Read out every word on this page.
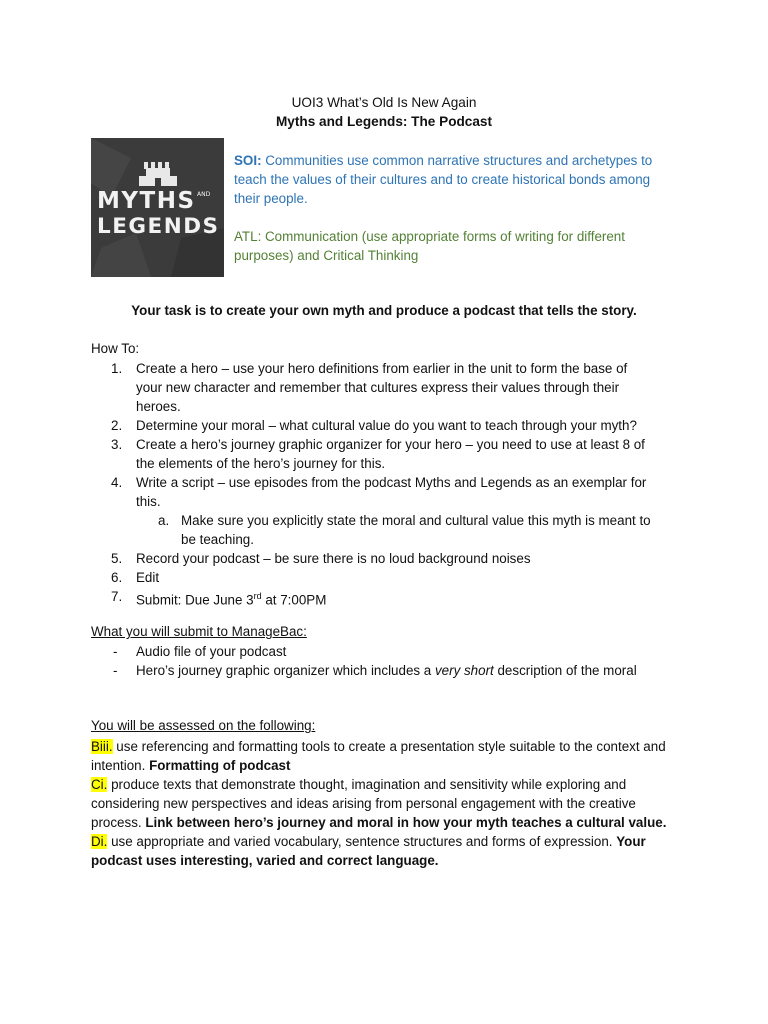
UOI3 What’s Old Is New Again
Myths and Legends: The Podcast
MYTHS AND
LEGENDS
SOI: Communities use common narrative structures and archetypes to teach the values of their cultures and to create historical bonds among their people.
ATL: Communication (use appropriate forms of writing for different purposes) and Critical Thinking
Your task is to create your own myth and produce a podcast that tells the story.
How To:
1.	Create a hero – use your hero definitions from earlier in the unit to form the base of
your new character and remember that cultures express their values through their
heroes.
2.	Determine your moral – what cultural value do you want to teach through your myth?
3.	Create a hero’s journey graphic organizer for your hero – you need to use at least 8 of
the elements of the hero’s journey for this.
4.	Write a script – use episodes from the podcast Myths and Legends as an exemplar for
this.
a. Make sure you explicitly state the moral and cultural value this myth is meant to
be teaching.
5.	Record your podcast – be sure there is no loud background noises
6.	Edit
7.	Submit: Due June 3rd at 7:00PM
What you will submit to ManageBac:
- Audio file of your podcast
- Hero’s journey graphic organizer which includes a very short description of the moral
You will be assessed on the following:
Biii. use referencing and formatting tools to create a presentation style suitable to the context and intention. Formatting of podcast
Ci. produce texts that demonstrate thought, imagination and sensitivity while exploring and considering new perspectives and ideas arising from personal engagement with the creative process. Link between hero’s journey and moral in how your myth teaches a cultural value.
Di. use appropriate and varied vocabulary, sentence structures and forms of expression. Your podcast uses interesting, varied and correct language.
